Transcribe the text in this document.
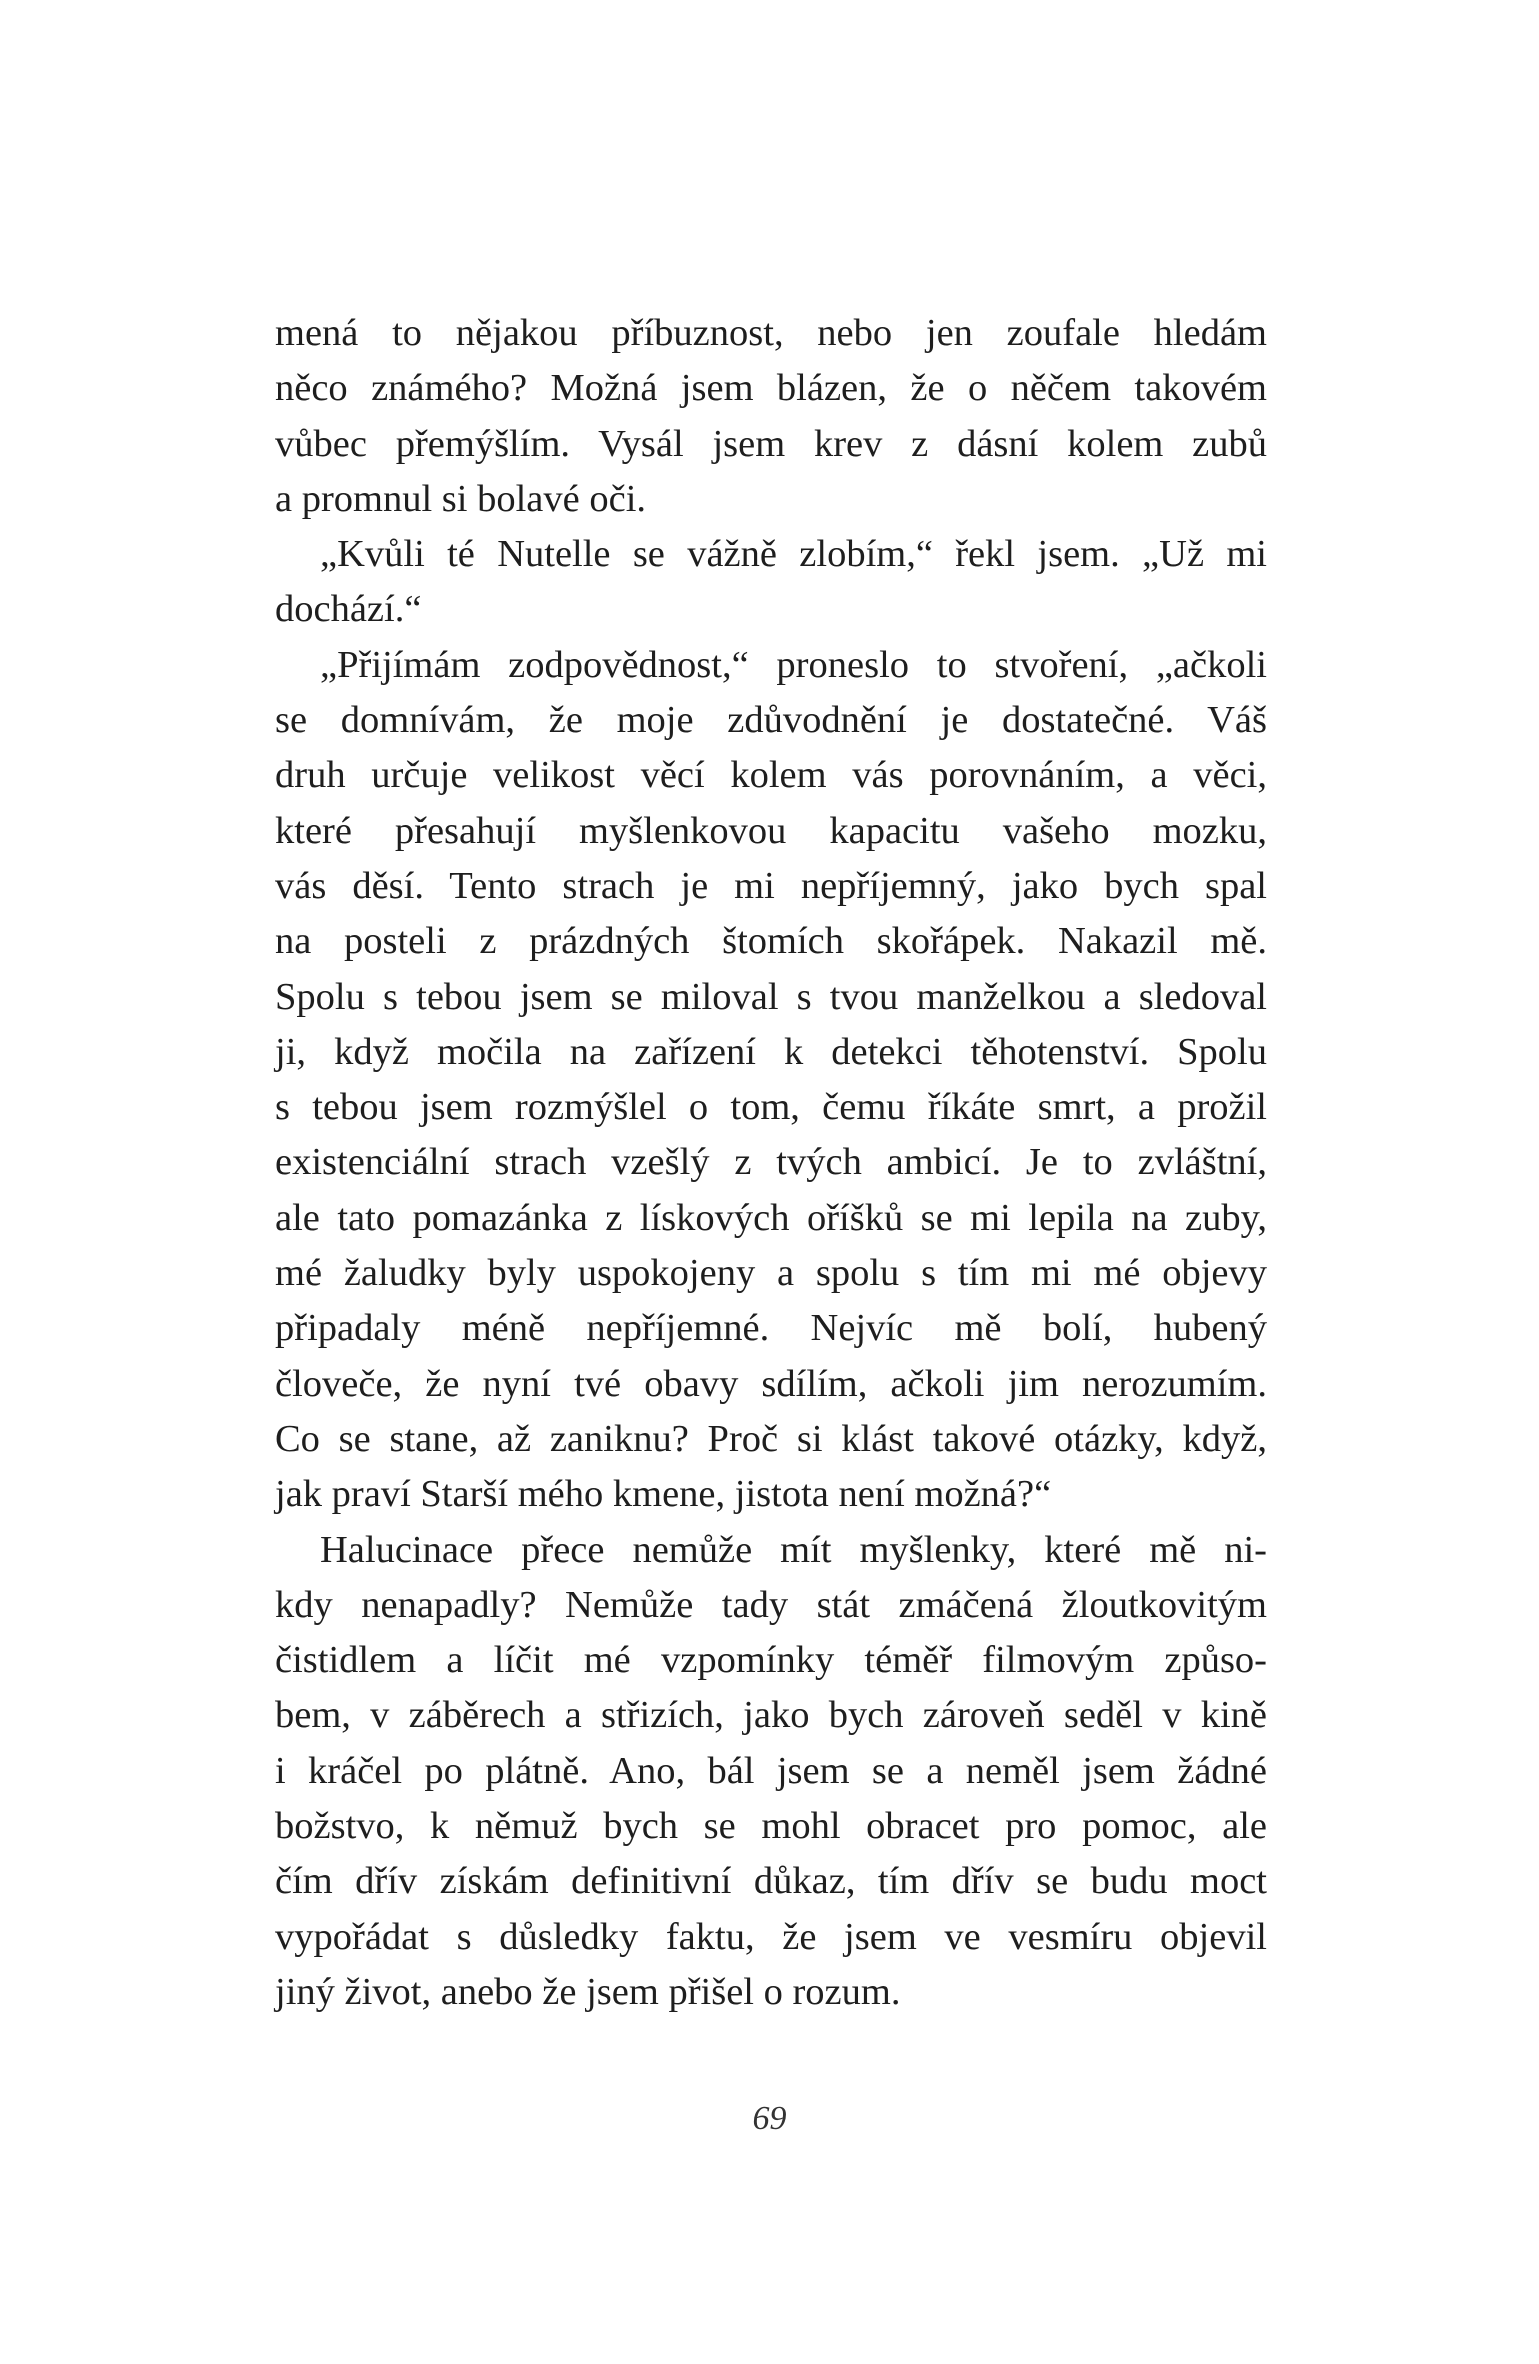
mená to nějakou příbuznost, nebo jen zoufale hledám
něco známého? Možná jsem blázen, že o něčem takovém
vůbec přemýšlím. Vysál jsem krev z dásní kolem zubů
a promnul si bolavé oči.
„Kvůli té Nutelle se vážně zlobím,“ řekl jsem. „Už mi
dochází.“
„Přijímám zodpovědnost,“ proneslo to stvoření, „ačkoli
se domnívám, že moje zdůvodnění je dostatečné. Váš
druh určuje velikost věcí kolem vás porovnáním, a věci,
které přesahují myšlenkovou kapacitu vašeho mozku,
vás děsí. Tento strach je mi nepříjemný, jako bych spal
na posteli z prázdných štomích skořápek. Nakazil mě.
Spolu s tebou jsem se miloval s tvou manželkou a sledoval
ji, když močila na zařízení k detekci těhotenství. Spolu
s tebou jsem rozmýšlel o tom, čemu říkáte smrt, a prožil
existenciální strach vzešlý z tvých ambicí. Je to zvláštní,
ale tato pomazánka z lískových oříšků se mi lepila na zuby,
mé žaludky byly uspokojeny a spolu s tím mi mé objevy
připadaly méně nepříjemné. Nejvíc mě bolí, hubený
človeče, že nyní tvé obavy sdílím, ačkoli jim nerozumím.
Co se stane, až zaniknu? Proč si klást takové otázky, když,
jak praví Starší mého kmene, jistota není možná?“
Halucinace přece nemůže mít myšlenky, které mě ni-
kdy nenapadly? Nemůže tady stát zmáčená žloutkovitým
čistidlem a líčit mé vzpomínky téměř filmovým způso-
bem, v záběrech a střizích, jako bych zároveň seděl v kině
i kráčel po plátně. Ano, bál jsem se a neměl jsem žádné
božstvo, k němuž bych se mohl obracet pro pomoc, ale
čím dřív získám definitivní důkaz, tím dřív se budu moct
vypořádat s důsledky faktu, že jsem ve vesmíru objevil
jiný život, anebo že jsem přišel o rozum.
69
